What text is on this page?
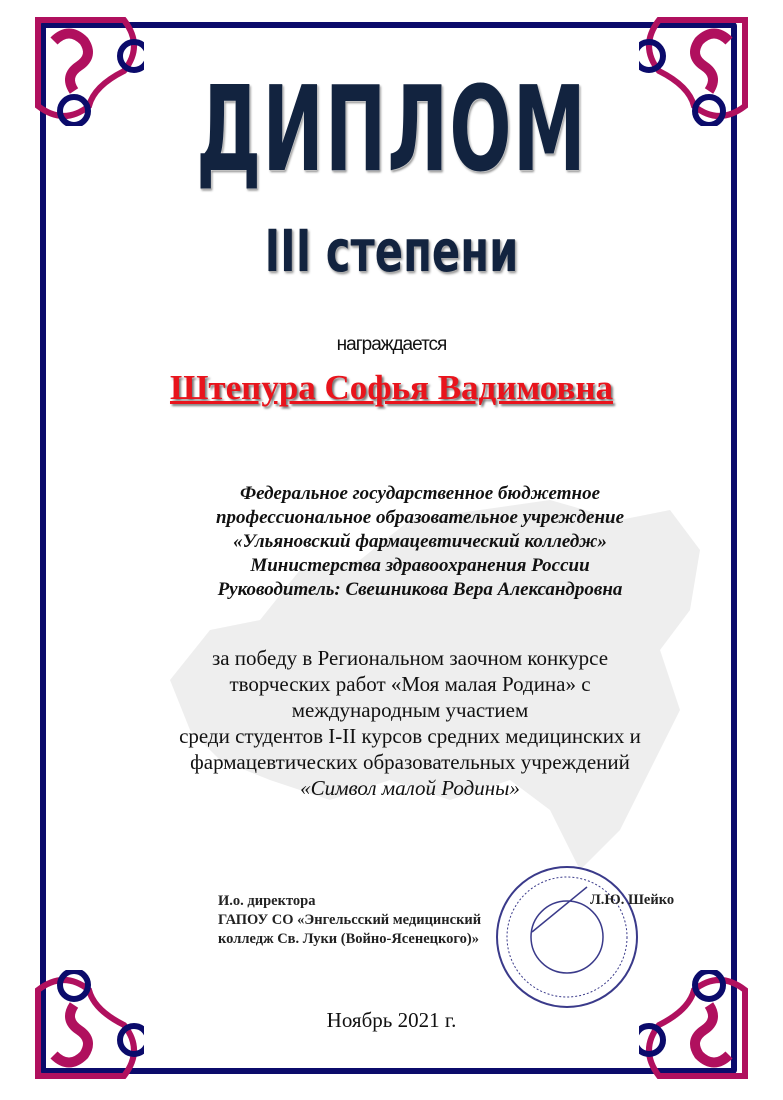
ДИПЛОМ
III степени
награждается
Штепура Софья Вадимовна
Федеральное государственное бюджетное
профессиональное образовательное учреждение
«Ульяновский фармацевтический колледж»
Министерства здравоохранения России
Руководитель: Свешникова Вера Александровна
за победу в Региональном заочном конкурсе
творческих работ «Моя малая Родина» с
международным участием
среди студентов I-II курсов средних медицинских и
фармацевтических образовательных учреждений
«Символ малой Родины»
И.о. директора
ГАПОУ СО «Энгельсский медицинский
колледж Св. Луки (Войно-Ясенецкого)»
Л.Ю. Шейко
Ноябрь 2021 г.
